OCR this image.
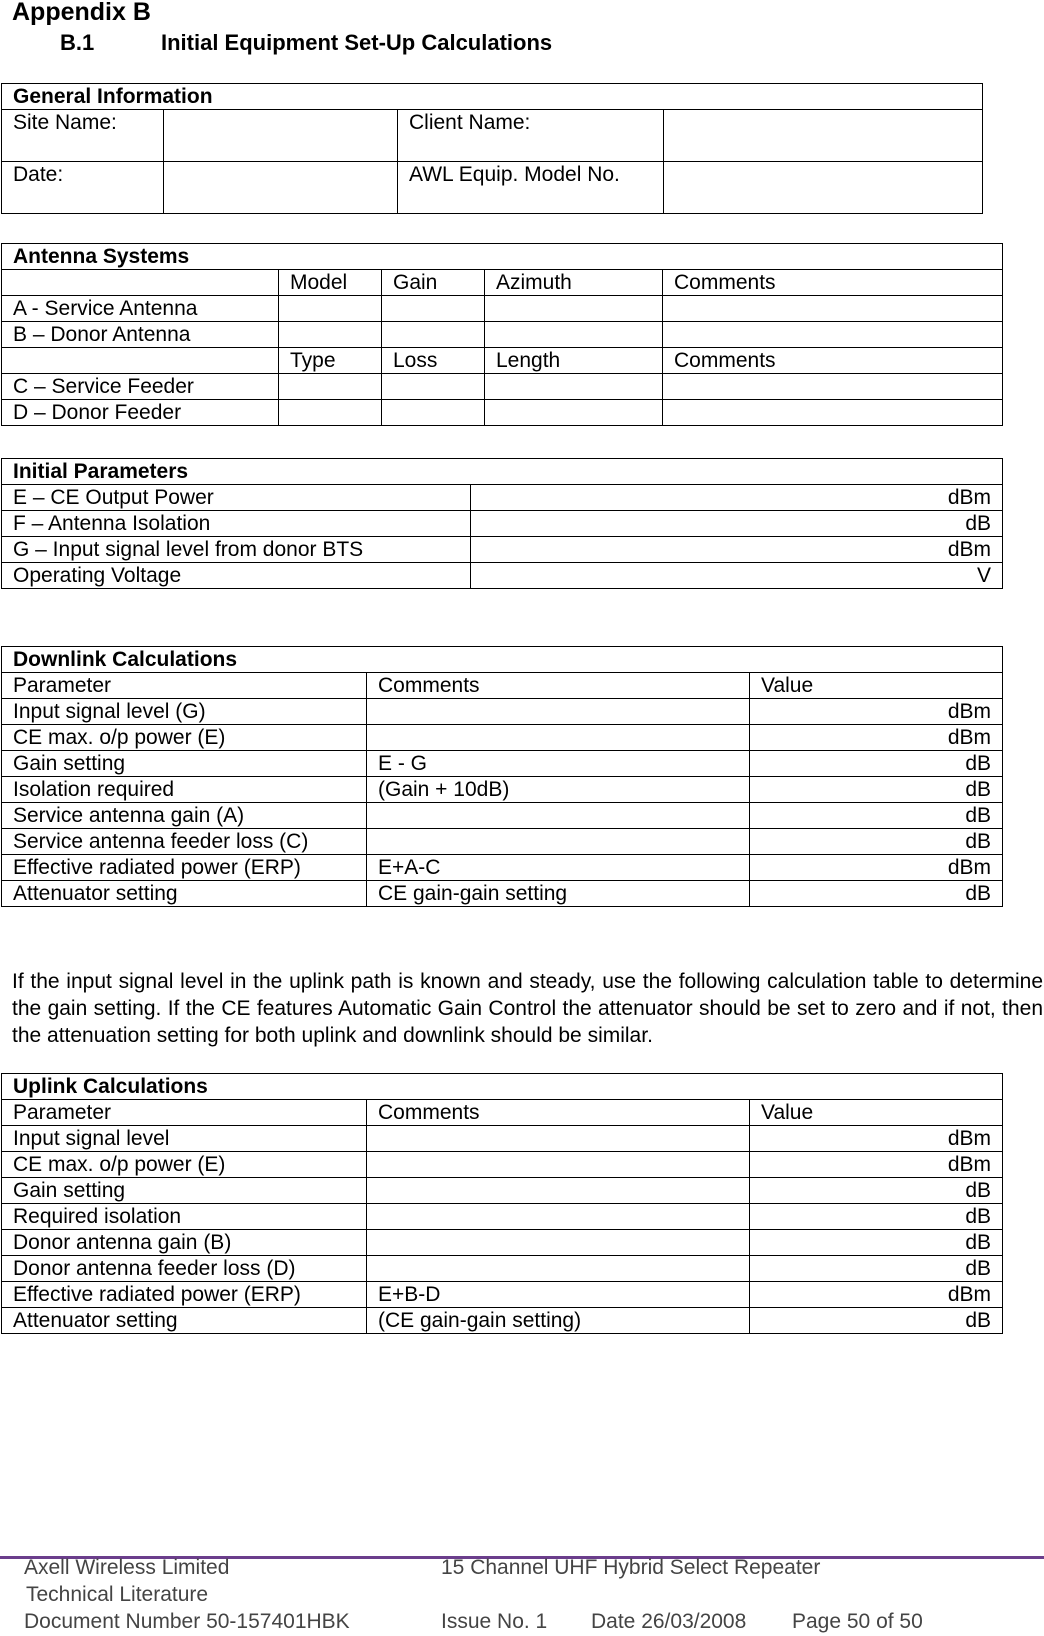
Appendix B
B.1	Initial Equipment Set-Up Calculations
General Information			
Site Name:		Client Name:	
Date:		AWL Equip. Model No.	
Antenna Systems				
	Model	Gain	Azimuth	Comments
A - Service Antenna				
B – Donor Antenna				
	Type	Loss	Length	Comments
C – Service Feeder				
D – Donor Feeder				
Initial Parameters	
E – CE Output Power	dBm
F – Antenna Isolation	dB
G – Input signal level from donor BTS	dBm
Operating Voltage	V
Downlink Calculations		
Parameter	Comments	Value
Input signal level (G)		dBm
CE max. o/p power (E)		dBm
Gain setting	E - G	dB
Isolation required	(Gain + 10dB)	dB
Service antenna gain (A)		dB
Service antenna feeder loss (C)		dB
Effective radiated power (ERP)	E+A-C	dBm
Attenuator setting	CE gain-gain setting	dB
If the input signal level in the uplink path is known and steady, use the following calculation table to determine the gain setting. If the CE features Automatic Gain Control the attenuator should be set to zero and if not, then the attenuation setting for both uplink and downlink should be similar.
Uplink Calculations		
Parameter	Comments	Value
Input signal level		dBm
CE max. o/p power (E)		dBm
Gain setting		dB
Required isolation		dB
Donor antenna gain (B)		dB
Donor antenna feeder loss (D)		dB
Effective radiated power (ERP)	E+B-D	dBm
Attenuator setting	(CE gain-gain setting)	dB
Axell Wireless Limited	15 Channel UHF Hybrid Select Repeater
Technical Literature
Document Number 50-157401HBK	Issue No. 1 Date 26/03/2008 Page 50 of 50
